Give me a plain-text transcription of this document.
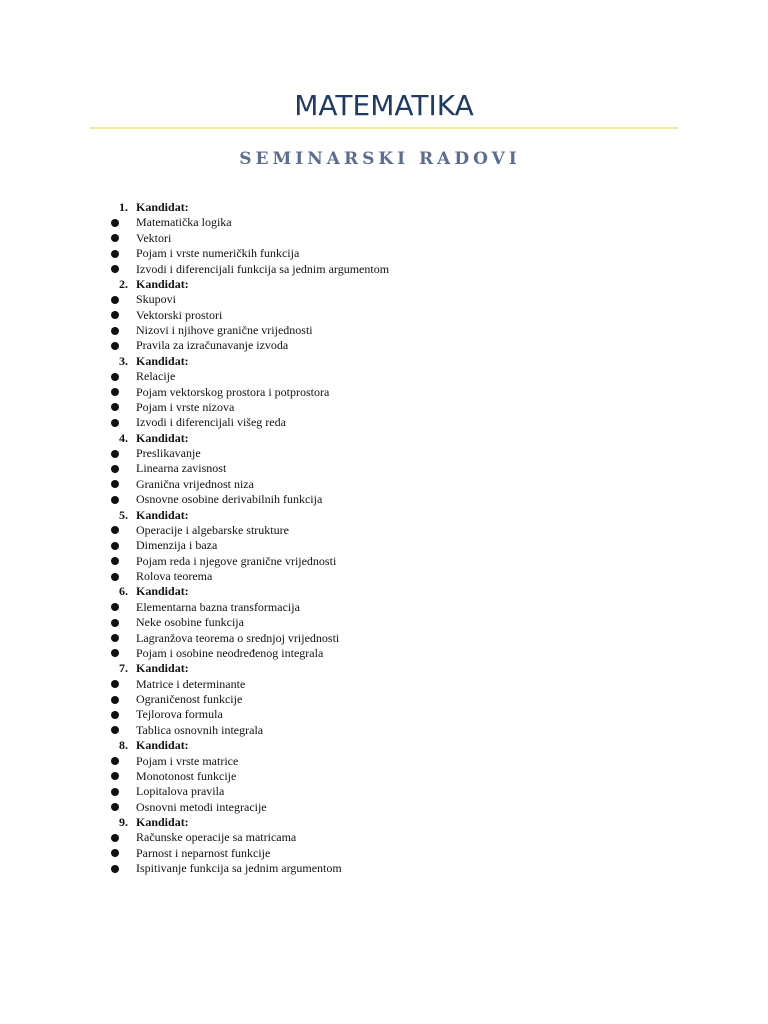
MATEMATIKA
SEMINARSKI RADOVI
1. Kandidat:
Matematička logika
Vektori
Pojam i vrste numeričkih funkcija
Izvodi i diferencijali funkcija sa jednim argumentom
2. Kandidat:
Skupovi
Vektorski prostori
Nizovi i njihove granične vrijednosti
Pravila za izračunavanje izvoda
3. Kandidat:
Relacije
Pojam vektorskog prostora i potprostora
Pojam i vrste nizova
Izvodi i diferencijali višeg reda
4. Kandidat:
Preslikavanje
Linearna zavisnost
Granična vrijednost niza
Osnovne osobine derivabilnih funkcija
5. Kandidat:
Operacije i algebarske strukture
Dimenzija i baza
Pojam reda i njegove granične vrijednosti
Rolova teorema
6. Kandidat:
Elementarna bazna transformacija
Neke osobine funkcija
Lagranžova teorema o srednjoj vrijednosti
Pojam i osobine neodređenog integrala
7. Kandidat:
Matrice i determinante
Ograničenost funkcije
Tejlorova formula
Tablica osnovnih integrala
8. Kandidat:
Pojam i vrste matrice
Monotonost funkcije
Lopitalova pravila
Osnovni metodi integracije
9. Kandidat:
Računske operacije sa matricama
Parnost i neparnost funkcije
Ispitivanje funkcija sa jednim argumentom
